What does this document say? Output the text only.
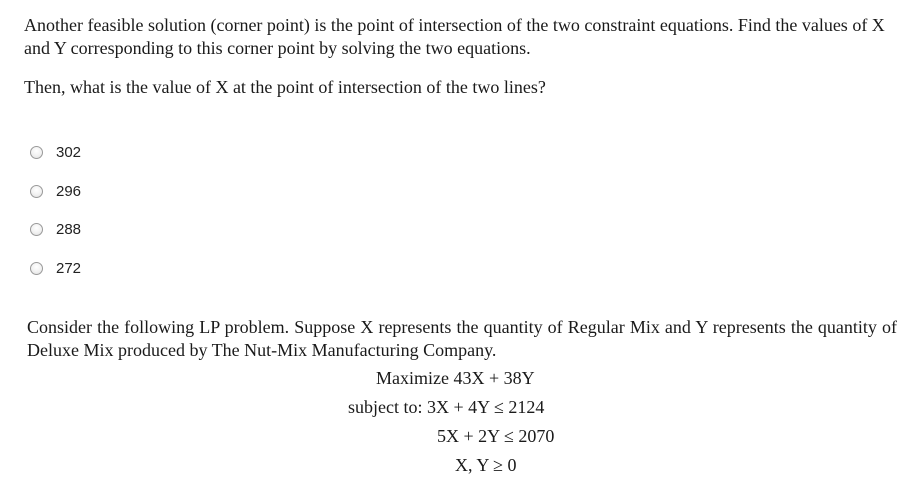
Another feasible solution (corner point) is the point of intersection of the two constraint equations. Find the values of X and Y corresponding to this corner point by solving the two equations.

Then, what is the value of X at the point of intersection of the two lines?

302
296
288
272

Consider the following LP problem. Suppose X represents the quantity of Regular Mix and Y represents the quantity of Deluxe Mix produced by The Nut-Mix Manufacturing Company.

Maximize 43X + 38Y
subject to: 3X + 4Y ≤ 2124
5X + 2Y ≤ 2070
X, Y ≥ 0
